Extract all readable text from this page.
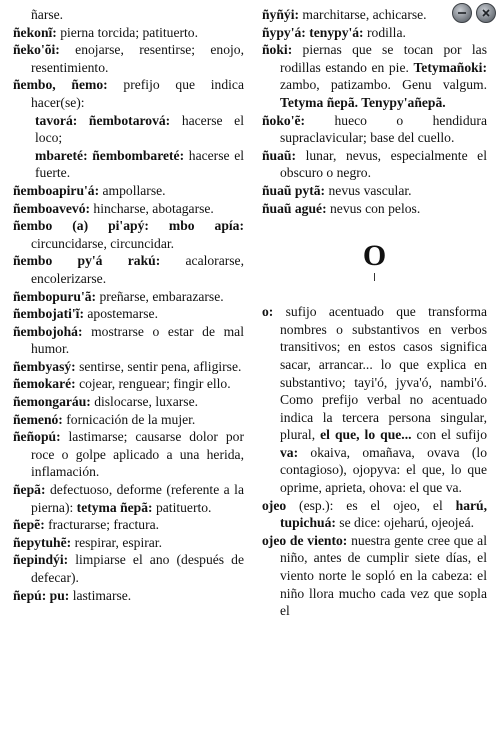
ñarse.
ñekonĩ: pierna torcida; patituerto.
ñeko'õi: enojarse, resentirse; enojo, resentimiento.
ñembo, ñemo: prefijo que indica hacer(se):
tavorá: ñembotarová: hacerse el loco;
mbareté: ñembombareté: hacerse el fuerte.
ñemboapiru'á: ampollarse.
ñemboavevó: hincharse, abotagarse.
ñembo (a) pi'apý: mbo apía: circuncidarse, circuncidar.
ñembo py'á rakú: acalorarse, encolerizarse.
ñembopuru'ã: preñarse, embarazarse.
ñembojati'ĩ: apostemarse.
ñembojohá: mostrarse o estar de mal humor.
ñembyasý: sentirse, sentir pena, afligirse.
ñemokaré: cojear, renguear; fingir ello.
ñemongaráu: dislocarse, luxarse.
ñemenó: fornicación de la mujer.
ñeñopú: lastimarse; causarse dolor por roce o golpe aplicado a una herida, inflamación.
ñepã: defectuoso, deforme (referente a la pierna): tetyma ñepã: patituerto.
ñepẽ: fracturarse; fractura.
ñepytuhẽ: respirar, espirar.
ñepindýi: limpiarse el ano (después de defecar).
ñepú: pu: lastimarse.
ñyñýi: marchitarse, achicarse.
ñypy'á: tenypy'á: rodilla.
ñoki: piernas que se tocan por las rodillas estando en pie. Tetymañoki: zambo, patizambo. Genu valgum. Tetyma ñepã. Tenypy'añepã.
ñoko'ẽ: hueco o hendidura supraclavicular; base del cuello.
ñuaũ: lunar, nevus, especialmente el obscuro o negro.
ñuaũ pytã: nevus vascular.
ñuaũ agué: nevus con pelos.
O
o: sufijo acentuado que transforma nombres o substantivos en verbos transitivos; en estos casos significa sacar, arrancar... lo que explica en substantivo; tayi'ó, jyva'ó, nambi'ó. Como prefijo verbal no acentuado indica la tercera persona singular, plural, el que, lo que... con el sufijo va: okaiva, omañava, ovava (lo contagioso), ojopyva: el que, lo que oprime, aprieta, ohova: el que va.
ojeo (esp.): es el ojeo, el harú, tupichuá: se dice: ojeharú, ojeojeá.
ojeo de viento: nuestra gente cree que al niño, antes de cumplir siete días, el viento norte le sopló en la cabeza: el niño llora mucho cada vez que sopla el
